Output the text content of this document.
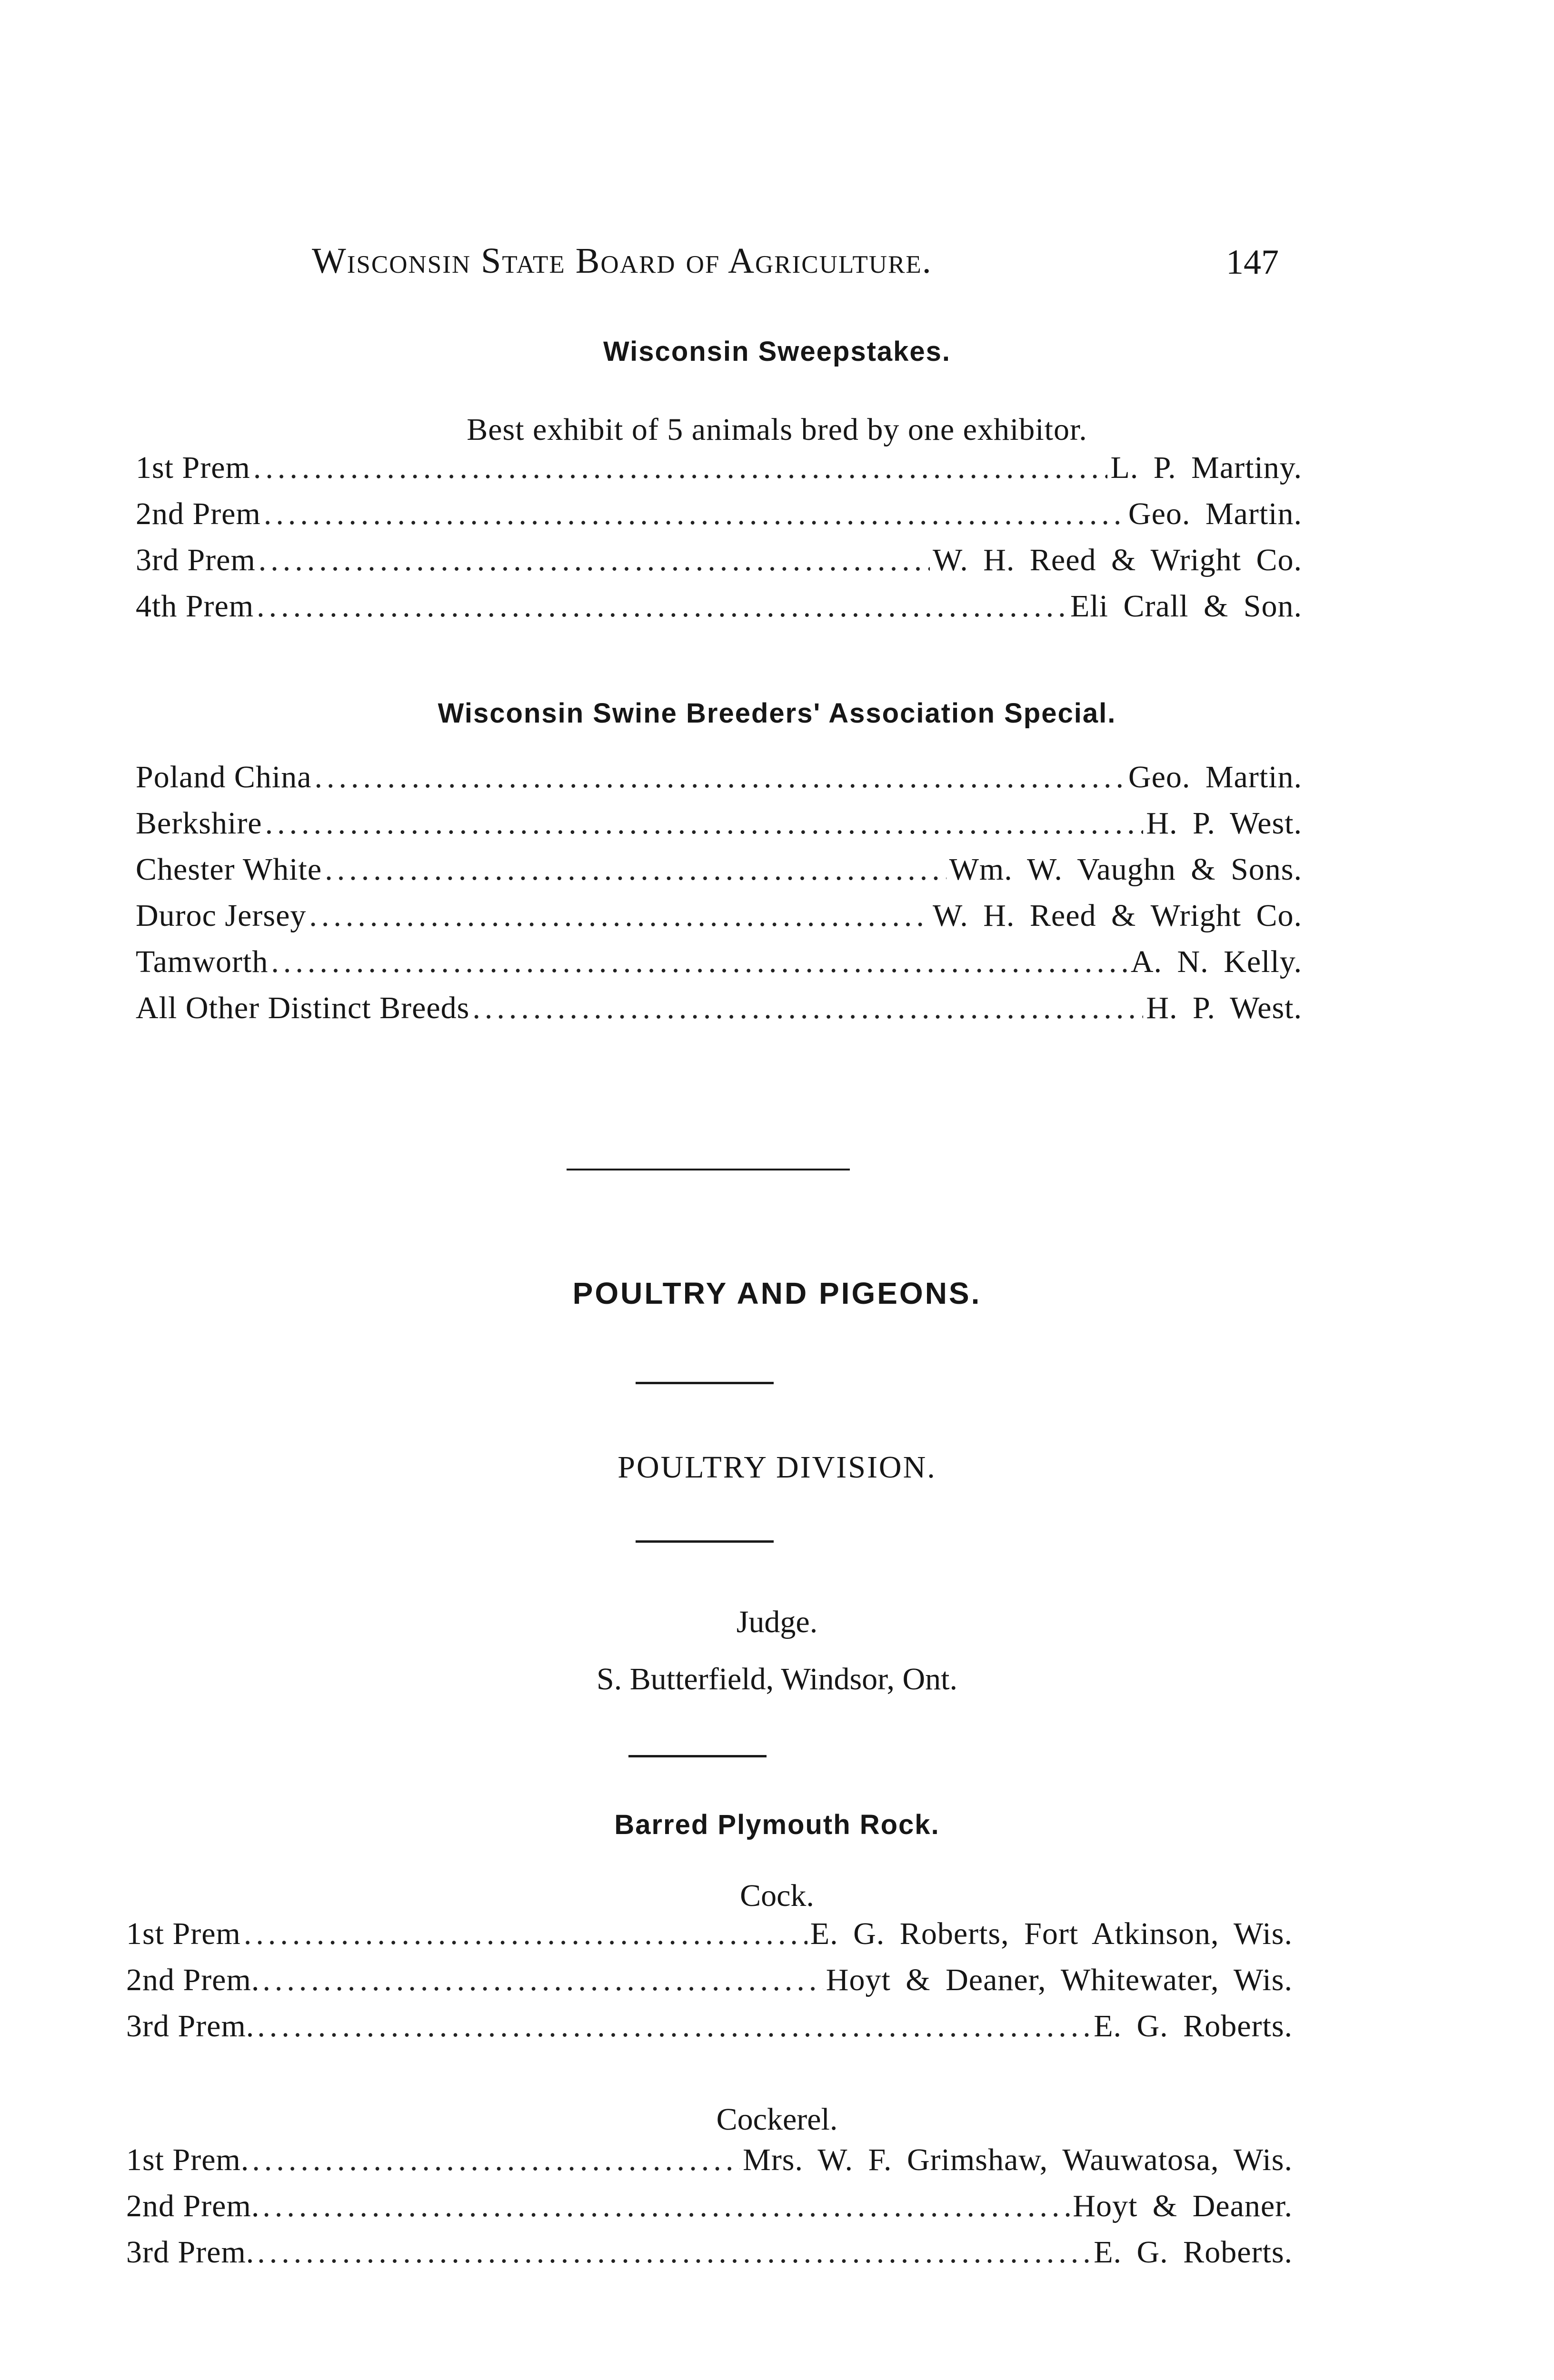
Wisconsin State Board of Agriculture.	147
Wisconsin Sweepstakes.
Best exhibit of 5 animals bred by one exhibitor.
1st Prem .....	L. P. Martiny.
2nd Prem .....	Geo. Martin.
3rd Prem .....	W. H. Reed & Wright Co.
4th Prem .....	Eli Crall & Son.
Wisconsin Swine Breeders' Association Special.
Poland China .....	Geo. Martin.
Berkshire .....	H. P. West.
Chester White .....	Wm. W. Vaughn & Sons.
Duroc Jersey .....	W. H. Reed & Wright Co.
Tamworth .....	A. N. Kelly.
All Other Distinct Breeds .....	H. P. West.
POULTRY AND PIGEONS.
POULTRY DIVISION.
Judge.
S. Butterfield, Windsor, Ont.
Barred Plymouth Rock.
Cock.
1st Prem .....	E. G. Roberts, Fort Atkinson, Wis.
2nd Prem. .....	Hoyt & Deaner, Whitewater, Wis.
3rd Prem. .....	E. G. Roberts.
Cockerel.
1st Prem. .....	Mrs. W. F. Grimshaw, Wauwatosa, Wis.
2nd Prem. .....	Hoyt & Deaner.
3rd Prem. .....	E. G. Roberts.
